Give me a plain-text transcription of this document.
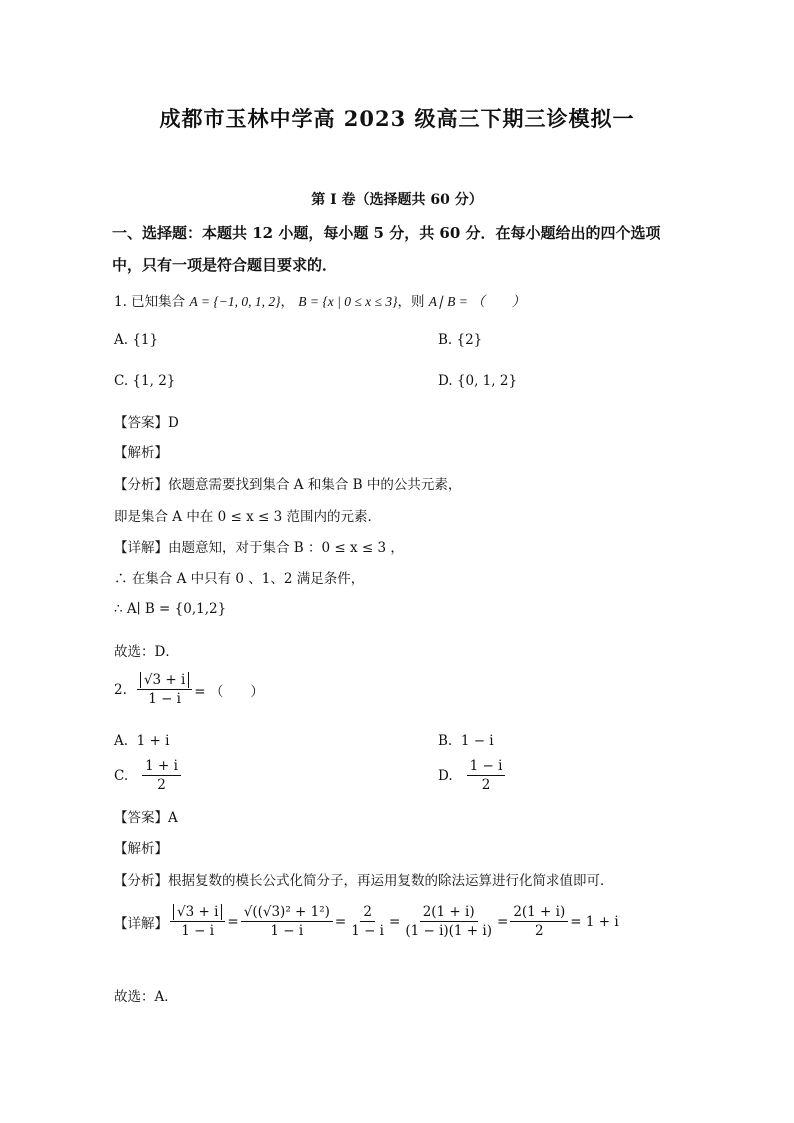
成都市玉林中学高 2023 级高三下期三诊模拟一
第 I 卷（选择题共 60 分）
一、选择题：本题共 12 小题，每小题 5 分，共 60 分．在每小题给出的四个选项
中，只有一项是符合题目要求的．
1. 已知集合 A = {−1, 0, 1, 2}， B = {x | 0 ≤ x ≤ 3}，则 A∣ B = （　　）
A. {1}	B. {2}
C. {1, 2}	D. {0, 1, 2}
【答案】D
【解析】
【分析】依题意需要找到集合 A 和集合 B 中的公共元素，
即是集合 A 中在 0 ≤ x ≤ 3 范围内的元素．
【详解】由题意知，对于集合 B ：0 ≤ x ≤ 3 ，
∴ 在集合 A 中只有 0 、1、2 满足条件，
∴ A∣ B = {0,1,2}
故选：D．
2. $\frac{√3 + i}{1 - i}$ = （　　）
A. 1 + i	B. 1 − i
C. $\frac{1 + i}{2}$	D. $\frac{1 - i}{2}$
【答案】A
【解析】
【分析】根据复数的模长公式化简分子，再运用复数的除法运算进行化简求值即可．
【详解】 $\frac{√3 + i}{1 - i} = \frac{\text{√((√3)² + 1²)}}{1 - i} = \frac{2}{1 - i} = \frac{2(1 + i)}{(1 - i)(1 + i)} = \frac{2(1 + i)}{2} = 1 + i$
故选：A．
